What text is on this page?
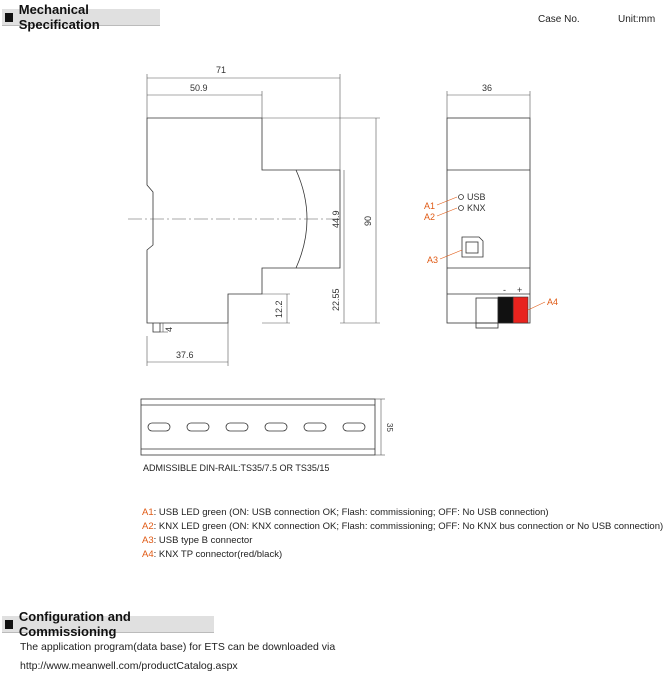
Mechanical Specification	Case No.	Unit:mm
71
50.9
90
44.9
22.55
12.2
4
37.6
36
USB
KNX
- +
A1
A2
A3
A4
35
ADMISSIBLE DIN-RAIL:TS35/7.5 OR TS35/15
A1: USB LED green (ON: USB connection OK; Flash: commissioning; OFF: No USB connection)
A2: KNX LED green (ON: KNX connection OK; Flash: commissioning; OFF: No KNX bus connection or No USB connection)
A3: USB type B connector
A4: KNX TP connector(red/black)
Configuration and Commissioning
The application program(data base) for ETS can be downloaded via
http://www.meanwell.com/productCatalog.aspx
